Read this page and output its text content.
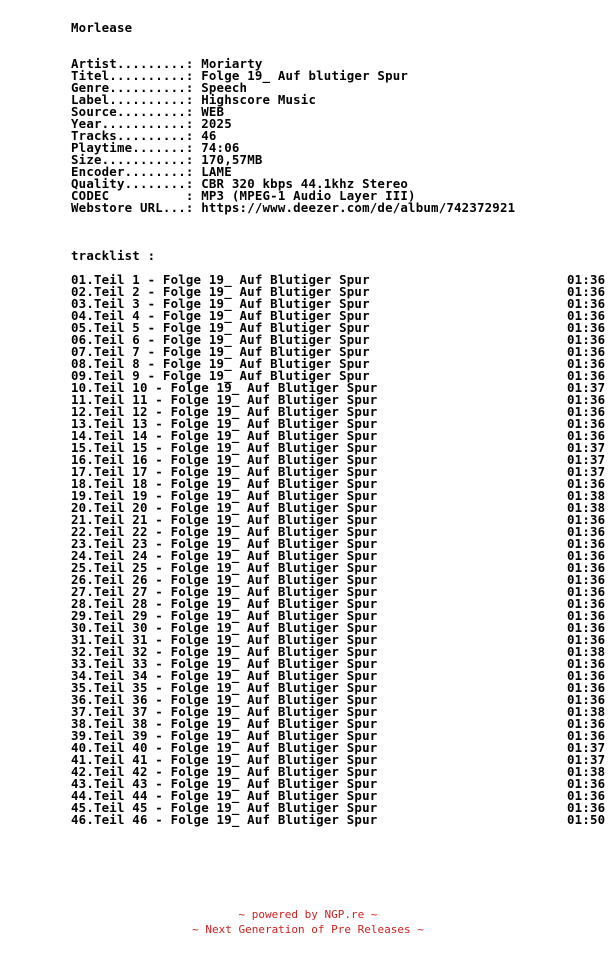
Morlease
Artist.........: Moriarty
Titel..........: Folge 19_ Auf blutiger Spur
Genre..........: Speech
Label..........: Highscore Music
Source.........: WEB
Year...........: 2025
Tracks.........: 46
Playtime.......: 74:06
Size...........: 170,57MB
Encoder........: LAME
Quality........: CBR 320 kbps 44.1khz Stereo
CODEC          : MP3 (MPEG-1 Audio Layer III)
Webstore URL...: https://www.deezer.com/de/album/742372921
tracklist :
01.Teil 1 - Folge 19_ Auf Blutiger Spur	01:36
02.Teil 2 - Folge 19_ Auf Blutiger Spur	01:36
03.Teil 3 - Folge 19_ Auf Blutiger Spur	01:36
04.Teil 4 - Folge 19_ Auf Blutiger Spur	01:36
05.Teil 5 - Folge 19_ Auf Blutiger Spur	01:36
06.Teil 6 - Folge 19_ Auf Blutiger Spur	01:36
07.Teil 7 - Folge 19_ Auf Blutiger Spur	01:36
08.Teil 8 - Folge 19_ Auf Blutiger Spur	01:36
09.Teil 9 - Folge 19_ Auf Blutiger Spur	01:36
10.Teil 10 - Folge 19_ Auf Blutiger Spur	01:37
11.Teil 11 - Folge 19_ Auf Blutiger Spur	01:36
12.Teil 12 - Folge 19_ Auf Blutiger Spur	01:36
13.Teil 13 - Folge 19_ Auf Blutiger Spur	01:36
14.Teil 14 - Folge 19_ Auf Blutiger Spur	01:36
15.Teil 15 - Folge 19_ Auf Blutiger Spur	01:37
16.Teil 16 - Folge 19_ Auf Blutiger Spur	01:37
17.Teil 17 - Folge 19_ Auf Blutiger Spur	01:37
18.Teil 18 - Folge 19_ Auf Blutiger Spur	01:36
19.Teil 19 - Folge 19_ Auf Blutiger Spur	01:38
20.Teil 20 - Folge 19_ Auf Blutiger Spur	01:38
21.Teil 21 - Folge 19_ Auf Blutiger Spur	01:36
22.Teil 22 - Folge 19_ Auf Blutiger Spur	01:36
23.Teil 23 - Folge 19_ Auf Blutiger Spur	01:36
24.Teil 24 - Folge 19_ Auf Blutiger Spur	01:36
25.Teil 25 - Folge 19_ Auf Blutiger Spur	01:36
26.Teil 26 - Folge 19_ Auf Blutiger Spur	01:36
27.Teil 27 - Folge 19_ Auf Blutiger Spur	01:36
28.Teil 28 - Folge 19_ Auf Blutiger Spur	01:36
29.Teil 29 - Folge 19_ Auf Blutiger Spur	01:36
30.Teil 30 - Folge 19_ Auf Blutiger Spur	01:36
31.Teil 31 - Folge 19_ Auf Blutiger Spur	01:36
32.Teil 32 - Folge 19_ Auf Blutiger Spur	01:38
33.Teil 33 - Folge 19_ Auf Blutiger Spur	01:36
34.Teil 34 - Folge 19_ Auf Blutiger Spur	01:36
35.Teil 35 - Folge 19_ Auf Blutiger Spur	01:36
36.Teil 36 - Folge 19_ Auf Blutiger Spur	01:36
37.Teil 37 - Folge 19_ Auf Blutiger Spur	01:38
38.Teil 38 - Folge 19_ Auf Blutiger Spur	01:36
39.Teil 39 - Folge 19_ Auf Blutiger Spur	01:36
40.Teil 40 - Folge 19_ Auf Blutiger Spur	01:37
41.Teil 41 - Folge 19_ Auf Blutiger Spur	01:37
42.Teil 42 - Folge 19_ Auf Blutiger Spur	01:38
43.Teil 43 - Folge 19_ Auf Blutiger Spur	01:36
44.Teil 44 - Folge 19_ Auf Blutiger Spur	01:36
45.Teil 45 - Folge 19_ Auf Blutiger Spur	01:36
46.Teil 46 - Folge 19_ Auf Blutiger Spur	01:50
~ powered by NGP.re ~
~ Next Generation of Pre Releases ~
